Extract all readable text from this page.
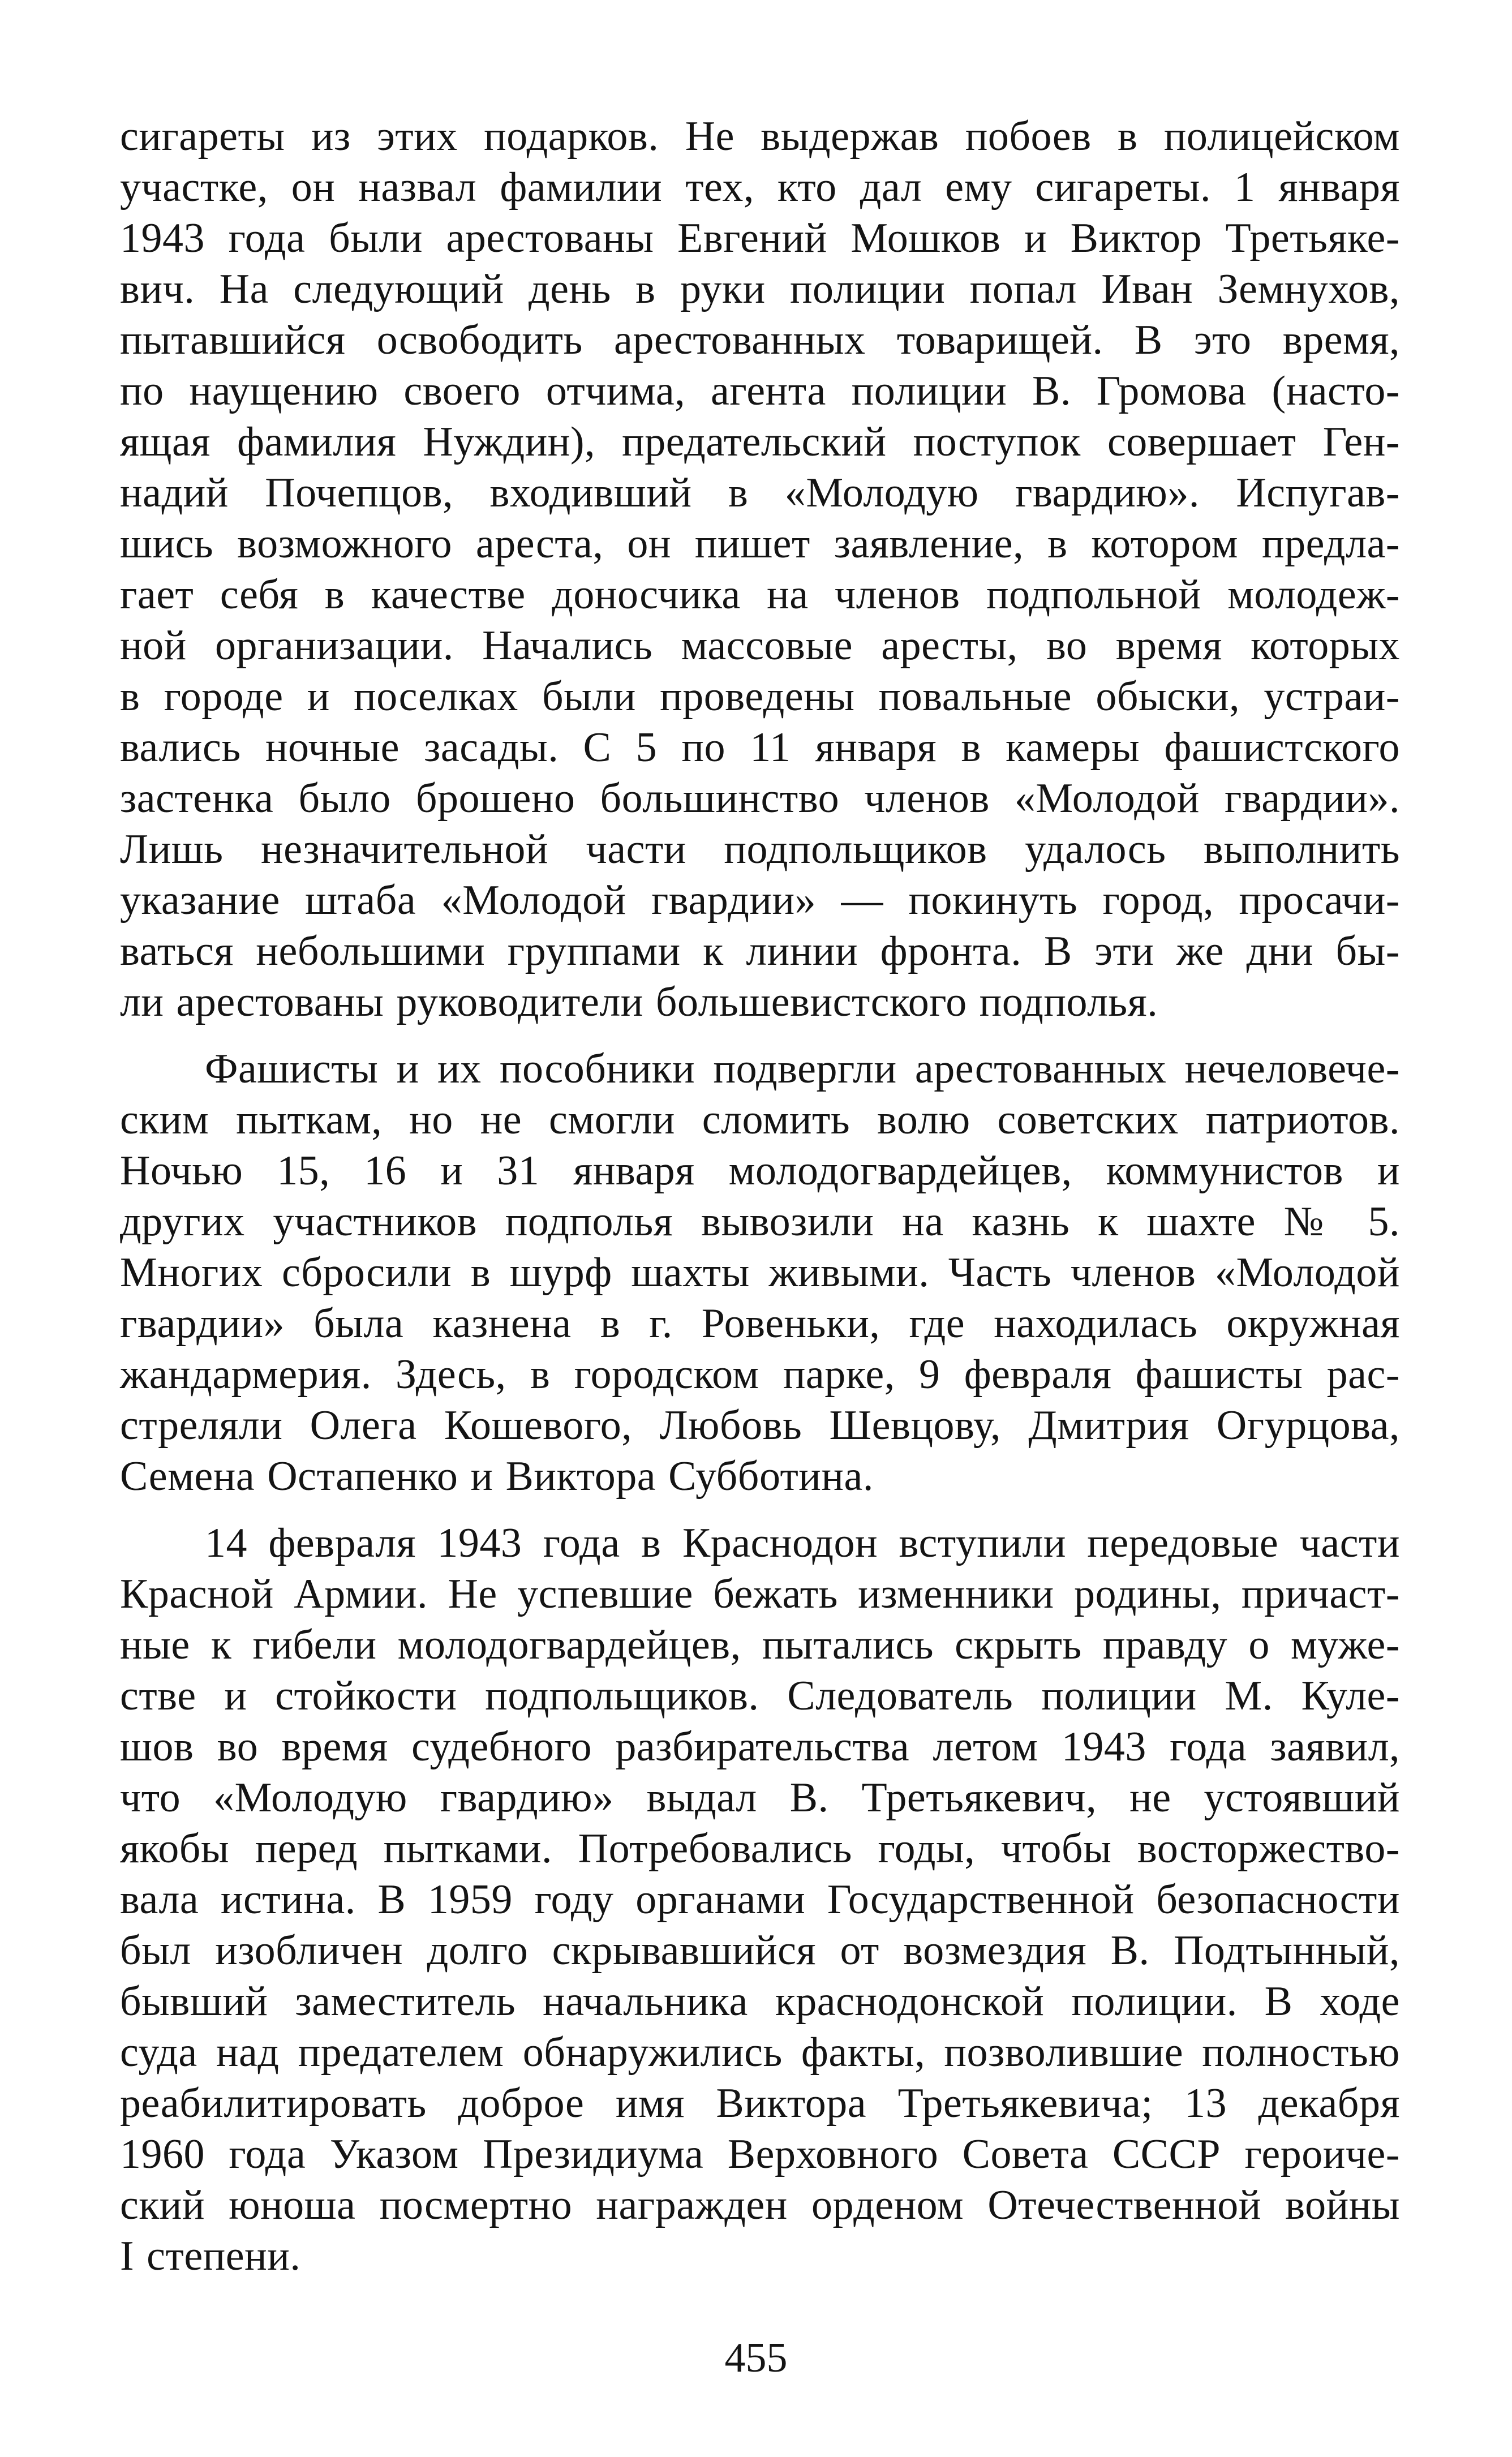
сигареты из этих подарков. Не выдержав побоев в полицейском
участке, он назвал фамилии тех, кто дал ему сигареты. 1 января
1943 года были арестованы Евгений Мошков и Виктор Третьяке-
вич. На следующий день в руки полиции попал Иван Земнухов,
пытавшийся освободить арестованных товарищей. В это время,
по наущению своего отчима, агента полиции В. Громова (насто-
ящая фамилия Нуждин), предательский поступок совершает Ген-
надий Почепцов, входивший в «Молодую гвардию». Испугав-
шись возможного ареста, он пишет заявление, в котором предла-
гает себя в качестве доносчика на членов подпольной молодеж-
ной организации. Начались массовые аресты, во время которых
в городе и поселках были проведены повальные обыски, устраи-
вались ночные засады. С 5 по 11 января в камеры фашистского
застенка было брошено большинство членов «Молодой гвардии».
Лишь незначительной части подпольщиков удалось выполнить
указание штаба «Молодой гвардии» — покинуть город, просачи-
ваться небольшими группами к линии фронта. В эти же дни бы-
ли арестованы руководители большевистского подполья.

Фашисты и их пособники подвергли арестованных нечеловече-
ским пыткам, но не смогли сломить волю советских патриотов.
Ночью 15, 16 и 31 января молодогвардейцев, коммунистов и
других участников подполья вывозили на казнь к шахте № 5.
Многих сбросили в шурф шахты живыми. Часть членов «Молодой
гвардии» была казнена в г. Ровеньки, где находилась окружная
жандармерия. Здесь, в городском парке, 9 февраля фашисты рас-
стреляли Олега Кошевого, Любовь Шевцову, Дмитрия Огурцова,
Семена Остапенко и Виктора Субботина.

14 февраля 1943 года в Краснодон вступили передовые части
Красной Армии. Не успевшие бежать изменники родины, причаст-
ные к гибели молодогвардейцев, пытались скрыть правду о муже-
стве и стойкости подпольщиков. Следователь полиции М. Куле-
шов во время судебного разбирательства летом 1943 года заявил,
что «Молодую гвардию» выдал В. Третьякевич, не устоявший
якобы перед пытками. Потребовались годы, чтобы восторжество-
вала истина. В 1959 году органами Государственной безопасности
был изобличен долго скрывавшийся от возмездия В. Подтынный,
бывший заместитель начальника краснодонской полиции. В ходе
суда над предателем обнаружились факты, позволившие полностью
реабилитировать доброе имя Виктора Третьякевича; 13 декабря
1960 года Указом Президиума Верховного Совета СССР героиче-
ский юноша посмертно награжден орденом Отечественной войны
I степени.

455
